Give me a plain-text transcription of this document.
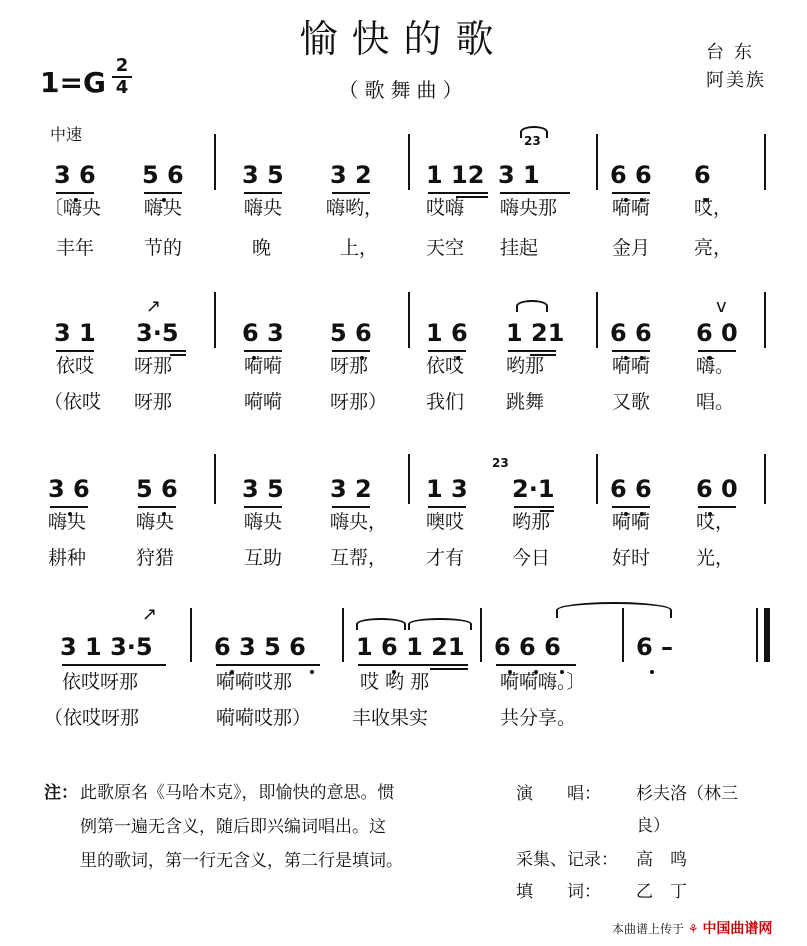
愉快的歌
1=G
2
4	（歌舞曲）
台东
阿美族
中速
3 6 5 6 3 5 3 2 1 12 3 1	6 6 6
23
〔嗨央 嗨央	嗨央 嗨哟， 哎嗨 嗨央那	嗬嗬 哎，
丰年	节的	晚	上，	天空 挂起	金月 亮，
↗	v
3 1 3·5	6 3 5 6 1 6 1 21 6 6 6 0
依哎 呀那	嗬嗬	呀那	依哎 哟那	嗬嗬 嗨。
（依哎 呀那	嗬嗬	呀那） 我们 跳舞	又歌 唱。
23
3 6 5 6	3 5 3 2 1 3 2·1 6 6 6 0
嗨央	嗨央	嗨央	嗨央， 噢哎	哟那	嗬嗬 哎，
耕种	狩猎	互助	互帮， 才有	今日	好时 光，
↗
3 1 3·5	6 3 5 6 1 6 1 21 6 6 6	6 –
依哎呀那	嗬嗬哎那	哎 哟 那	嗬嗬嗨。〕
（依哎呀那	嗬嗬哎那） 丰收果实	共分享。
注： 此歌原名《马哈木克》，即愉快的意思。惯
例第一遍无含义，随后即兴编词唱出。这
里的歌词，第一行无含义，第二行是填词。
演　　唱： 杉夫洛（林三
良）
采集、记录： 高　鸣
填　　词： 乙　丁
本曲谱上传于 ⚘ 中国曲谱网
